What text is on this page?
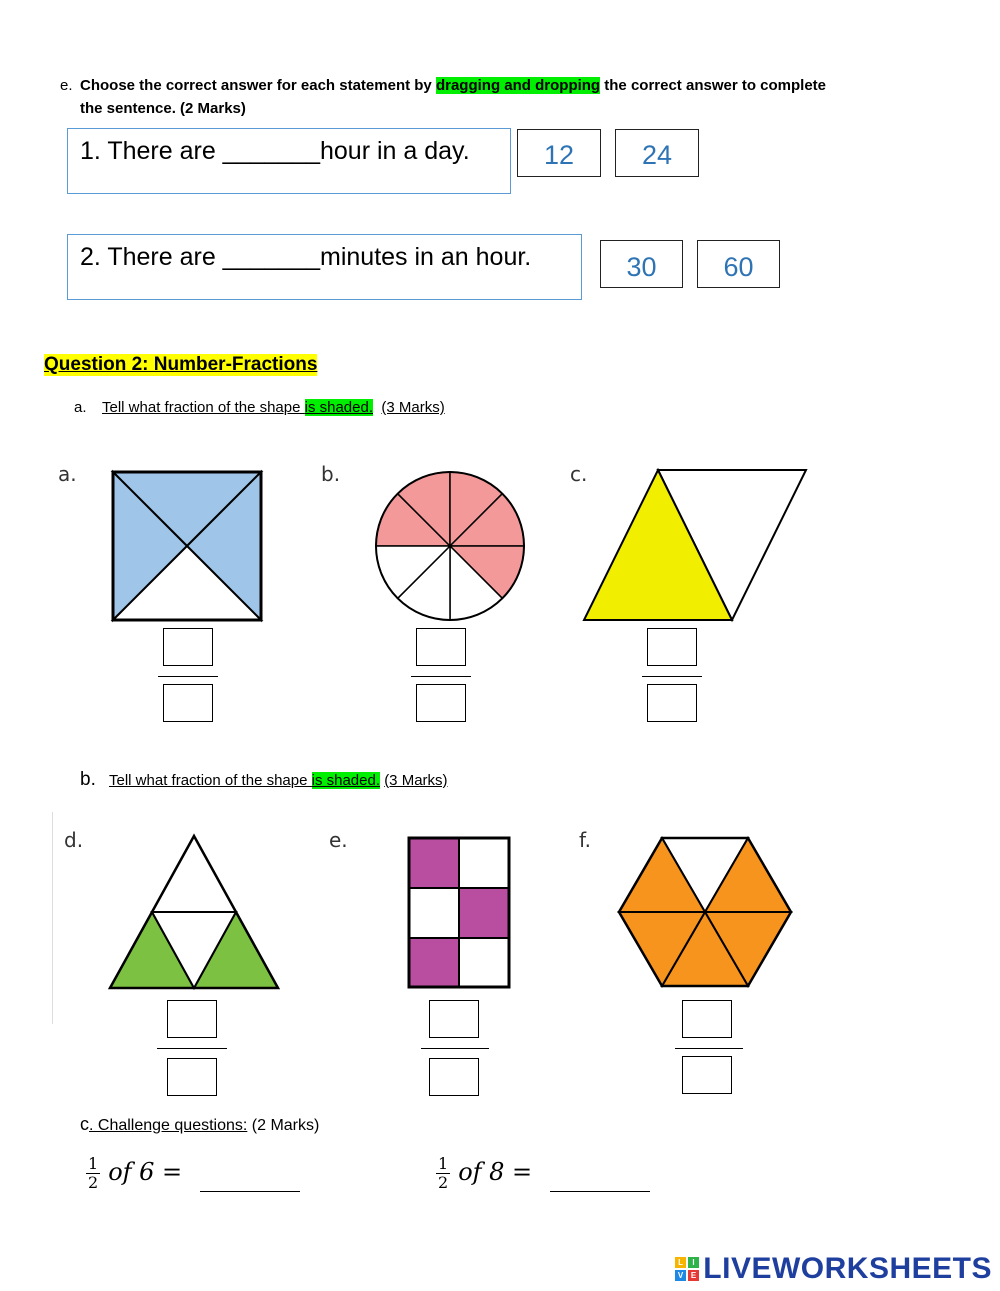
e. Choose the correct answer for each statement by dragging and dropping the correct answer to complete
the sentence. (2 Marks)
1. There are _______hour in a day.	12	24
2. There are _______minutes in an hour.	30	60
Question 2: Number-Fractions
a. Tell what fraction of the shape is shaded. (3 Marks)
a.	b.	c.
b. Tell what fraction of the shape is shaded. (3 Marks)
d.	e.	f.
c. Challenge questions: (2 Marks)
$\frac{1}{2}$ of 6 =	$\frac{1}{2}$ of 8 =
L	I
V E LIVEWORKSHEETS
